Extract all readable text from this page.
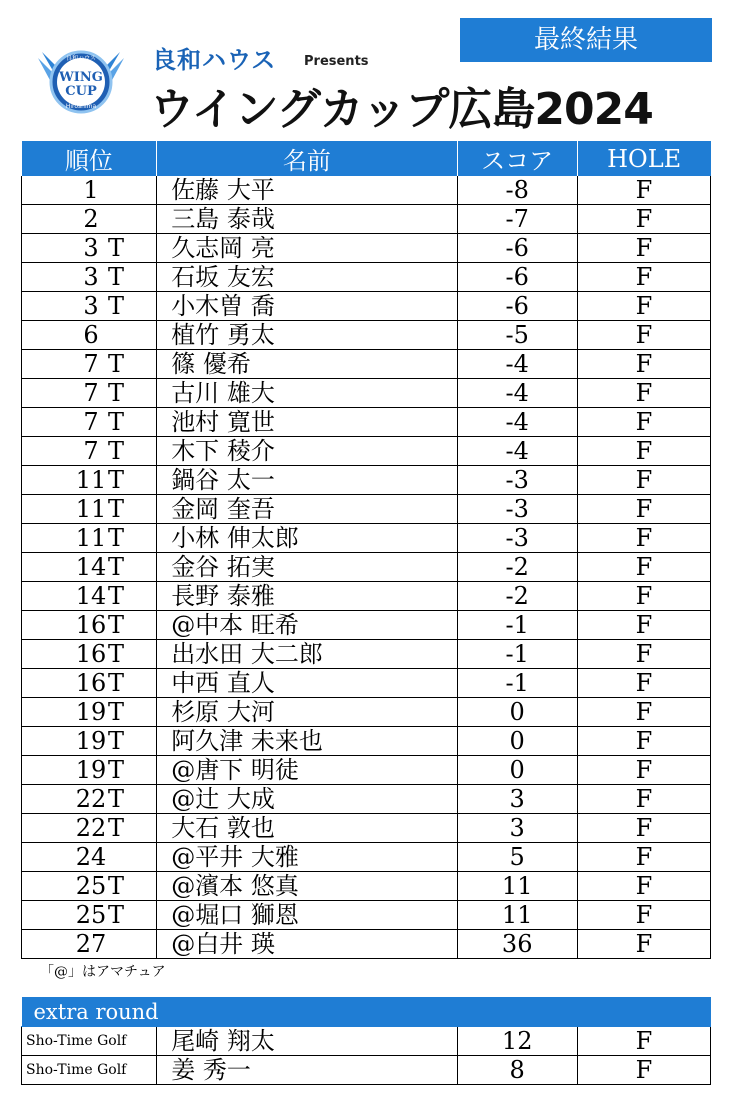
良和ハウス
WING
CUP
Hiroshima
良和ハウス Presents
ウイングカップ広島2024
最終結果
順位	名前	スコア	HOLE
1	佐藤 大平	-8	F
2	三島 泰哉	-7	F
3 T	久志岡 亮	-6	F
3 T	石坂 友宏	-6	F
3 T	小木曽 喬	-6	F
6	植竹 勇太	-5	F
7 T	篠 優希	-4	F
7 T	古川 雄大	-4	F
7 T	池村 寛世	-4	F
7 T	木下 稜介	-4	F
11T	鍋谷 太一	-3	F
11T	金岡 奎吾	-3	F
11T	小林 伸太郎	-3	F
14T	金谷 拓実	-2	F
14T	長野 泰雅	-2	F
16T	@中本 旺希	-1	F
16T	出水田 大二郎	-1	F
16T	中西 直人	-1	F
19T	杉原 大河	0	F
19T	阿久津 未来也	0	F
19T	@唐下 明徒	0	F
22T	@辻 大成	3	F
22T	大石 敦也	3	F
24	@平井 大雅	5	F
25T	@濱本 悠真	11	F
25T	@堀口 獅恩	11	F
27	@白井 瑛	36	F
「@」はアマチュア
extra round			
Sho-Time Golf	尾崎 翔太	12	F
Sho-Time Golf	姜 秀一	8	F
